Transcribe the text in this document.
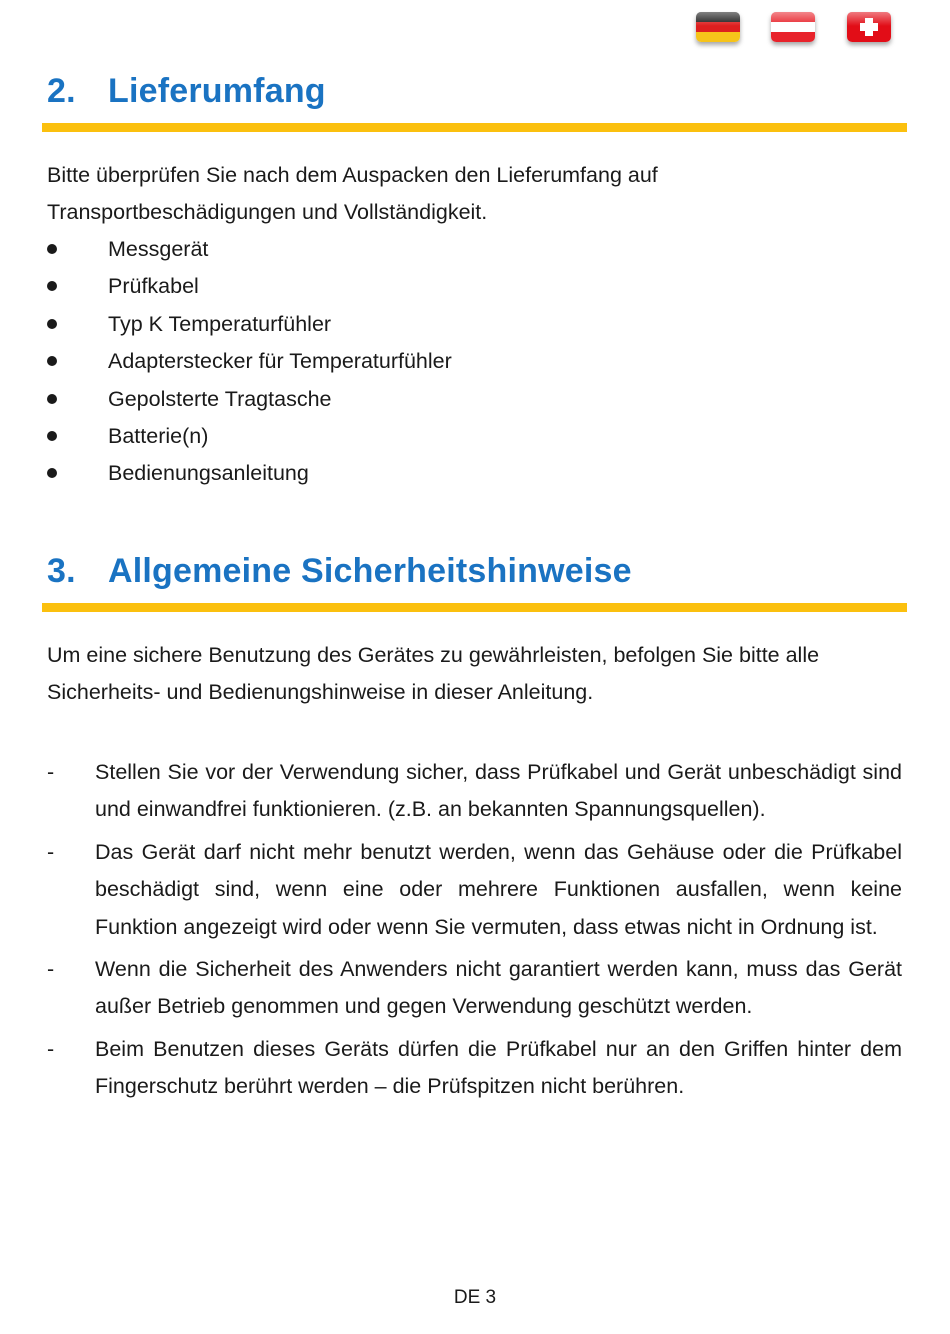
2. Lieferumfang

Bitte überprüfen Sie nach dem Auspacken den Lieferumfang auf Transportbeschädigungen und Vollständigkeit.

Messgerät
Prüfkabel
Typ K Temperaturfühler
Adapterstecker für Temperaturfühler
Gepolsterte Tragtasche
Batterie(n)
Bedienungsanleitung
3. Allgemeine Sicherheitshinweise

Um eine sichere Benutzung des Gerätes zu gewährleisten, befolgen Sie bitte alle Sicherheits- und Bedienungshinweise in dieser Anleitung.

- Stellen Sie vor der Verwendung sicher, dass Prüfkabel und Gerät unbeschädigt sind und einwandfrei funktionieren. (z.B. an bekannten Spannungsquellen).
- Das Gerät darf nicht mehr benutzt werden, wenn das Gehäuse oder die Prüfkabel beschädigt sind, wenn eine oder mehrere Funktionen ausfallen, wenn keine Funktion angezeigt wird oder wenn Sie vermuten, dass etwas nicht in Ordnung ist.
- Wenn die Sicherheit des Anwenders nicht garantiert werden kann, muss das Gerät außer Betrieb genommen und gegen Verwendung geschützt werden.
- Beim Benutzen dieses Geräts dürfen die Prüfkabel nur an den Griffen hinter dem Fingerschutz berührt werden – die Prüfspitzen nicht berühren.
DE 3
